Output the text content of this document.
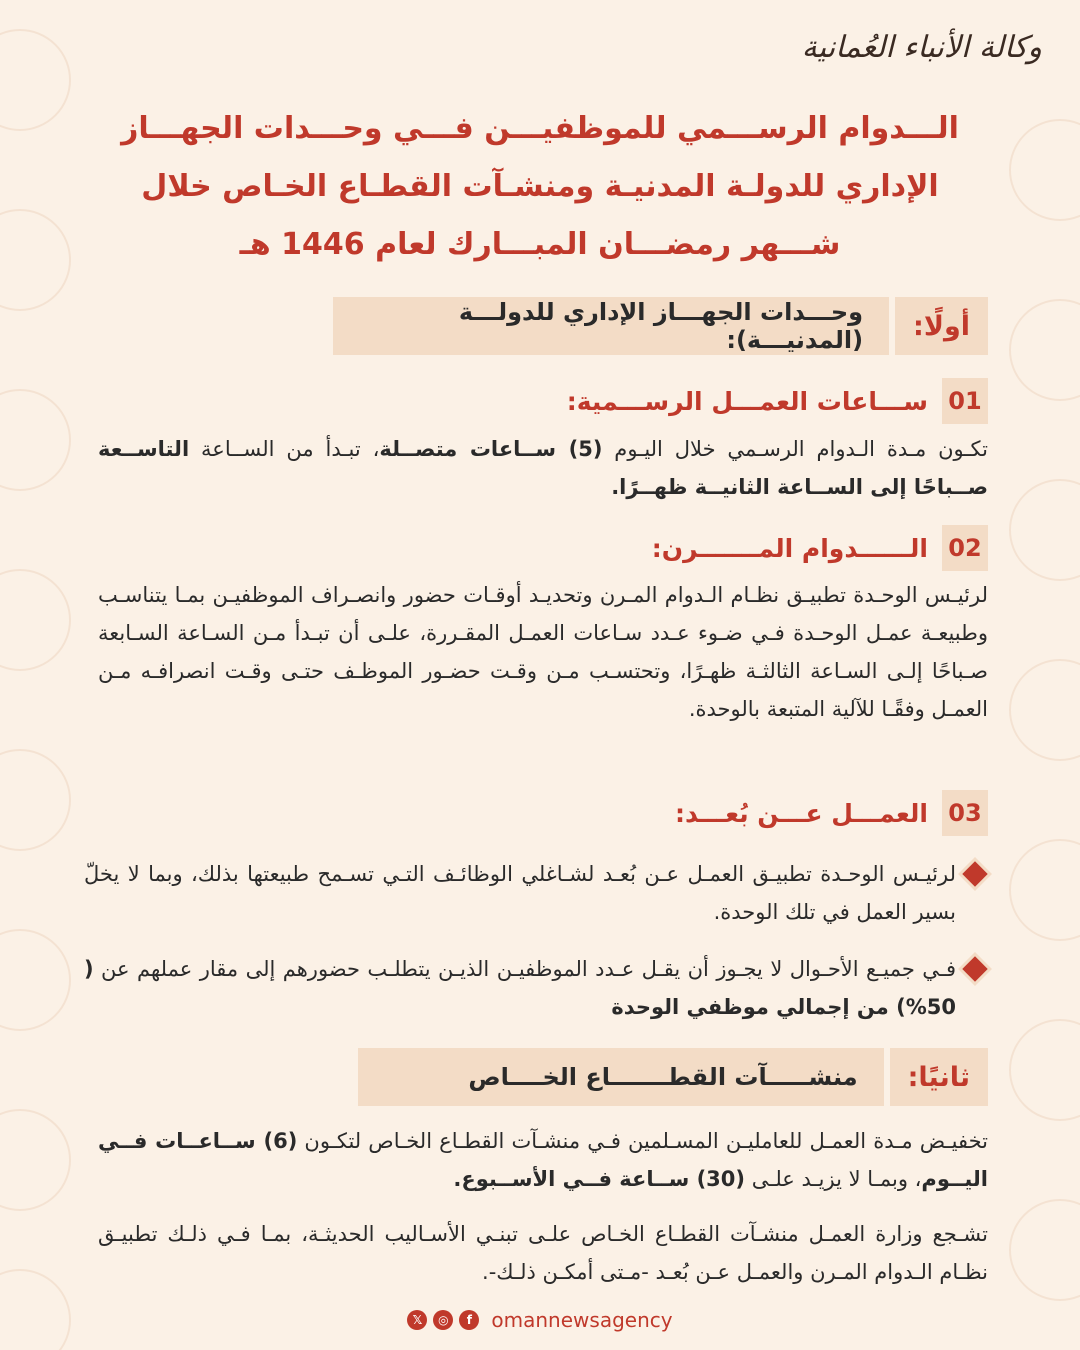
وكالة الأنباء العُمانية
الـــدوام الرســـمي للموظفيـــن فـــي وحـــدات الجهـــاز
الإداري للدولـة المدنيـة ومنشـآت القطـاع الخـاص خلال
شـــهر رمضـــان المبـــارك لعام 1446 هـ
أولًا:
وحـــدات الجهـــاز الإداري للدولـــة (المدنيـــة):
01
ســـاعات العمـــل الرســـمية:
تكـون مـدة الـدوام الرسـمي خلال اليـوم (5) ســاعات متصــلة، تبـدأ من الســاعة التاســعة صــباحًا إلى الســاعة الثانيــة ظهــرًا.
02
الــــــدوام المـــــــرن:
لرئيـس الوحـدة تطبيـق نظـام الـدوام المـرن وتحديـد أوقـات حضور وانصـراف الموظفيـن بمـا يتناسـب وطبيعـة عمـل الوحـدة فـي ضـوء عـدد سـاعات العمـل المقـررة، علـى أن تبـدأ مـن السـاعة السـابعة صـباحًا إلـى السـاعة الثالثـة ظهـرًا، وتحتسـب مـن وقـت حضـور الموظـف حتـى وقـت انصرافـه مـن العمـل وفقًـا للآلية المتبعة بالوحدة.
03
العمـــل عـــن بُعـــد:
لرئيـس الوحـدة تطبيـق العمـل عـن بُعـد لشـاغلي الوظائـف التـي تسـمح طبيعتها بذلك، وبما لا يخلّ بسير العمل في تلك الوحدة.
فـي جميـع الأحـوال لا يجـوز أن يقـل عـدد الموظفيـن الذيـن يتطلـب حضورهم إلى مقار عملهم عن ( 50%) من إجمالي موظفي الوحدة
ثانيًا:
منشـــــآت القطـــــــاع الخــــاص
تخفيـض مـدة العمـل للعامليـن المسـلمين فـي منشـآت القطـاع الخـاص لتكـون (6) ســاعــات فــي اليــوم، وبمـا لا يزيـد علـى (30) ســاعة فــي الأســبوع.
تشـجع وزارة العمـل منشـآت القطـاع الخـاص علـى تبنـي الأسـاليب الحديثـة، بمـا فـي ذلـك تطبيـق نظـام الـدوام المـرن والعمـل عـن بُعـد -مـتى أمكـن ذلـك-.
𝕏	◎	f omannewsagency
